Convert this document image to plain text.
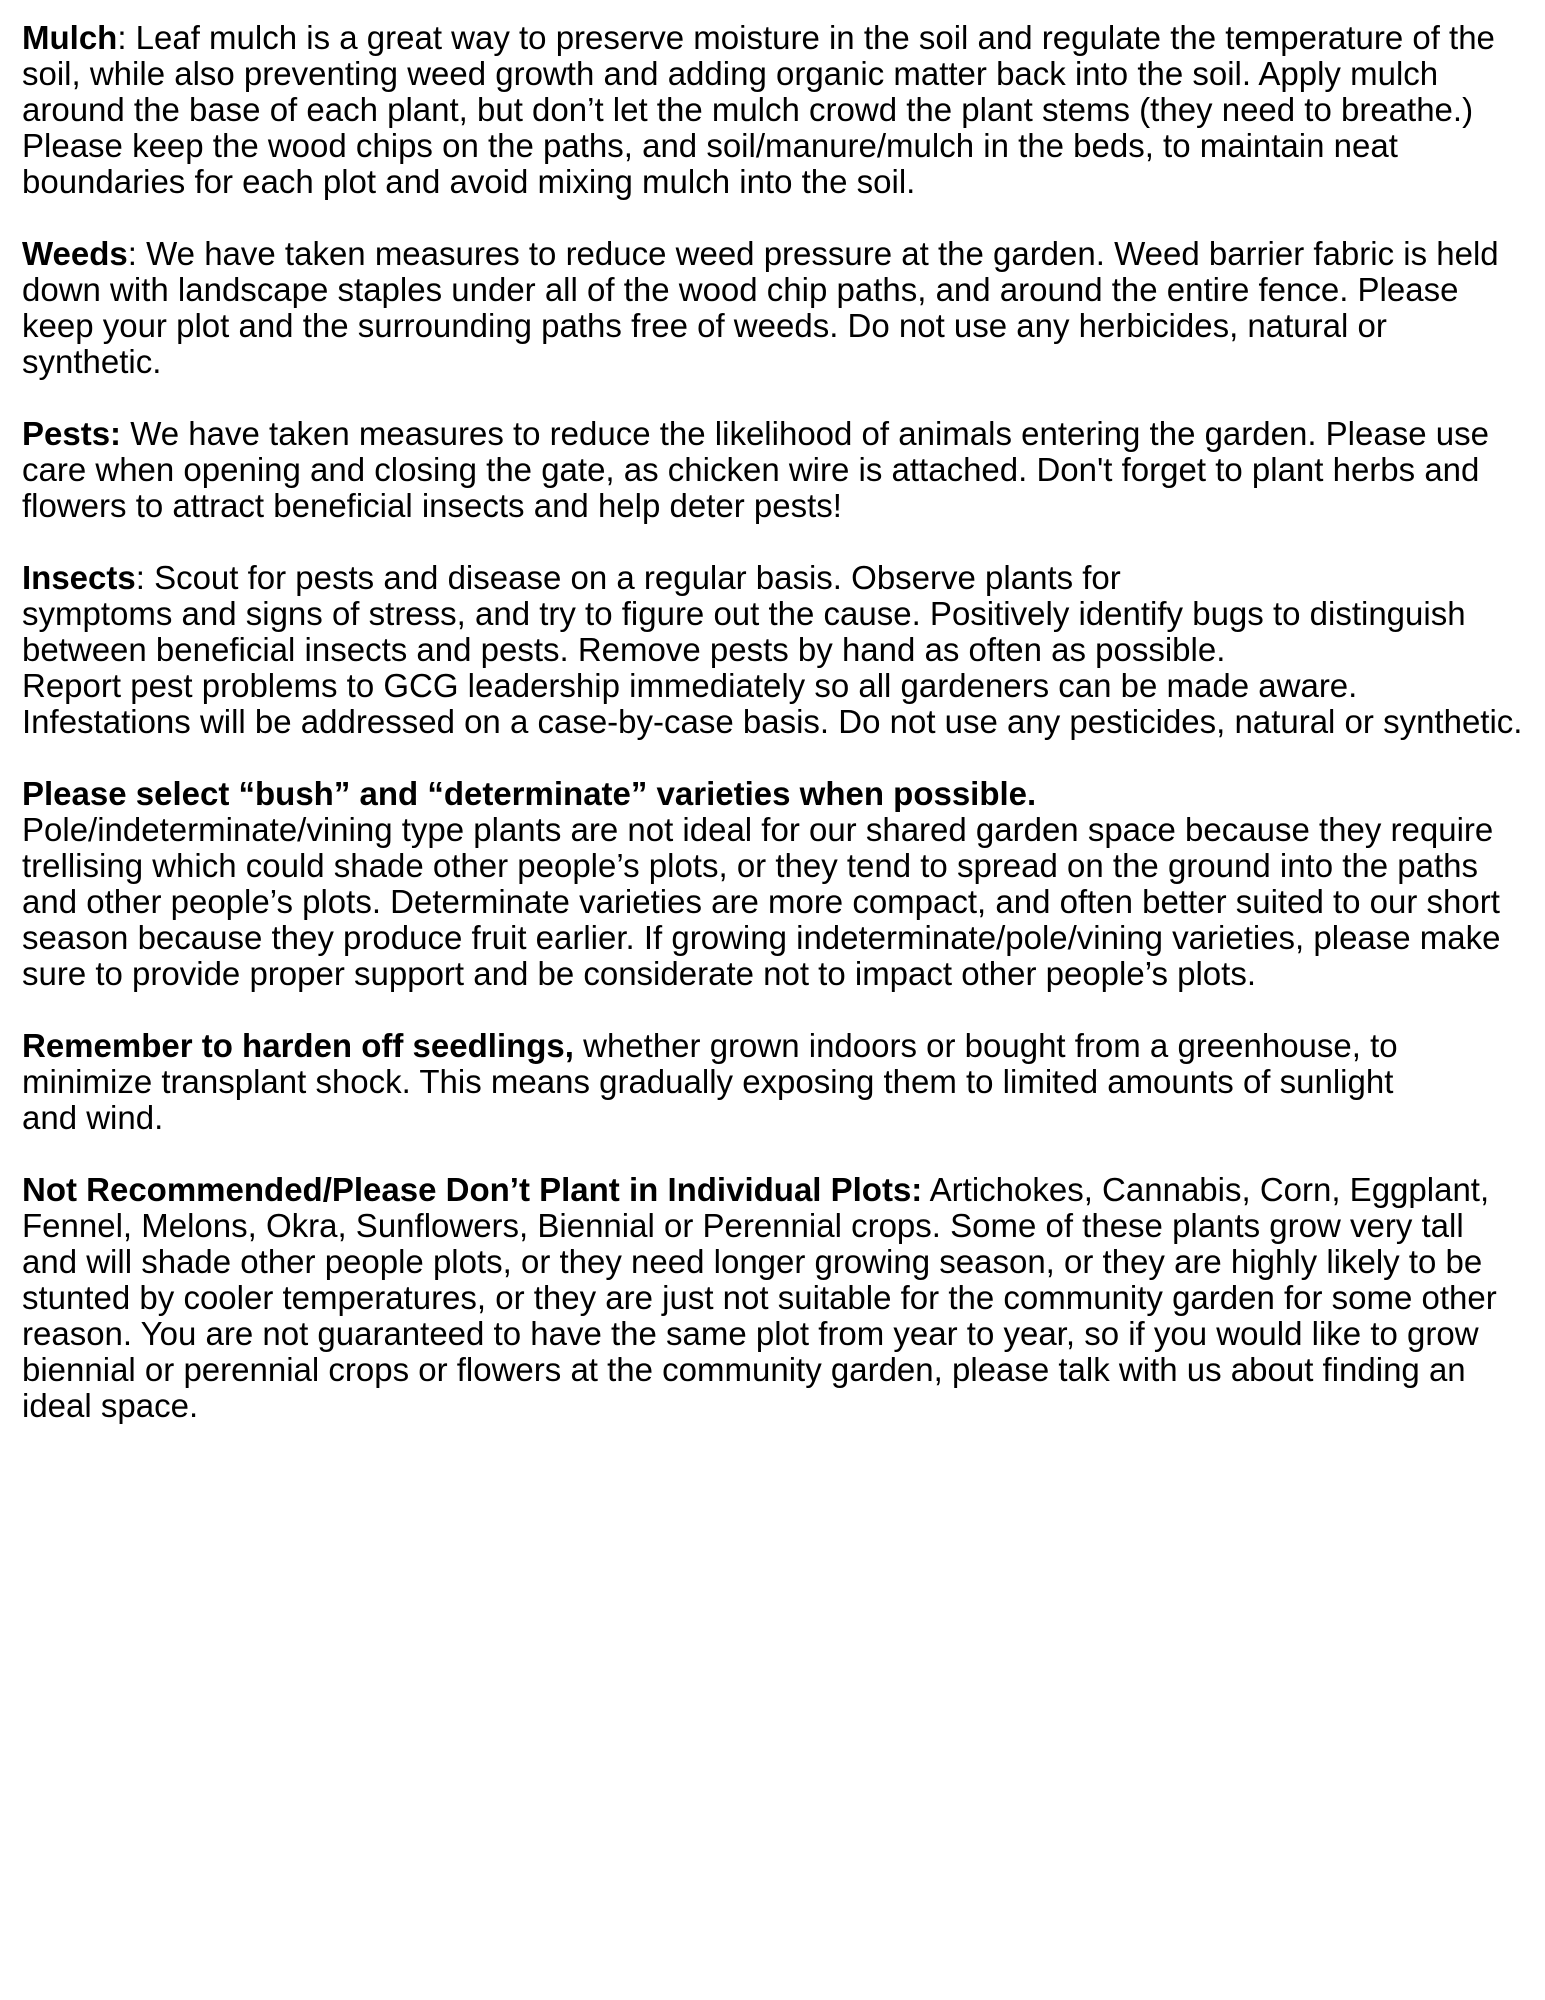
Mulch: Leaf mulch is a great way to preserve moisture in the soil and regulate the temperature of the soil, while also preventing weed growth and adding organic matter back into the soil. Apply mulch around the base of each plant, but don’t let the mulch crowd the plant stems (they need to breathe.) Please keep the wood chips on the paths, and soil/manure/mulch in the beds, to maintain neat boundaries for each plot and avoid mixing mulch into the soil.

Weeds: We have taken measures to reduce weed pressure at the garden. Weed barrier fabric is held down with landscape staples under all of the wood chip paths, and around the entire fence. Please keep your plot and the surrounding paths free of weeds. Do not use any herbicides, natural or synthetic.

Pests: We have taken measures to reduce the likelihood of animals entering the garden. Please use care when opening and closing the gate, as chicken wire is attached. Don't forget to plant herbs and flowers to attract beneficial insects and help deter pests!

Insects: Scout for pests and disease on a regular basis. Observe plants for

symptoms and signs of stress, and try to figure out the cause. Positively identify bugs to distinguish between beneficial insects and pests. Remove pests by hand as often as possible.

Report pest problems to GCG leadership immediately so all gardeners can be made aware. Infestations will be addressed on a case-by-case basis. Do not use any pesticides, natural or synthetic.

Please select “bush” and “determinate” varieties when possible.

Pole/indeterminate/vining type plants are not ideal for our shared garden space because they require trellising which could shade other people’s plots, or they tend to spread on the ground into the paths and other people’s plots. Determinate varieties are more compact, and often better suited to our short season because they produce fruit earlier. If growing indeterminate/pole/vining varieties, please make sure to provide proper support and be considerate not to impact other people’s plots.

Remember to harden off seedlings, whether grown indoors or bought from a greenhouse, to

minimize transplant shock. This means gradually exposing them to limited amounts of sunlight

and wind.

Not Recommended/Please Don’t Plant in Individual Plots: Artichokes, Cannabis, Corn, Eggplant, Fennel, Melons, Okra, Sunflowers, Biennial or Perennial crops. Some of these plants grow very tall and will shade other people plots, or they need longer growing season, or they are highly likely to be stunted by cooler temperatures, or they are just not suitable for the community garden for some other reason. You are not guaranteed to have the same plot from year to year, so if you would like to grow biennial or perennial crops or flowers at the community garden, please talk with us about finding an ideal space.
